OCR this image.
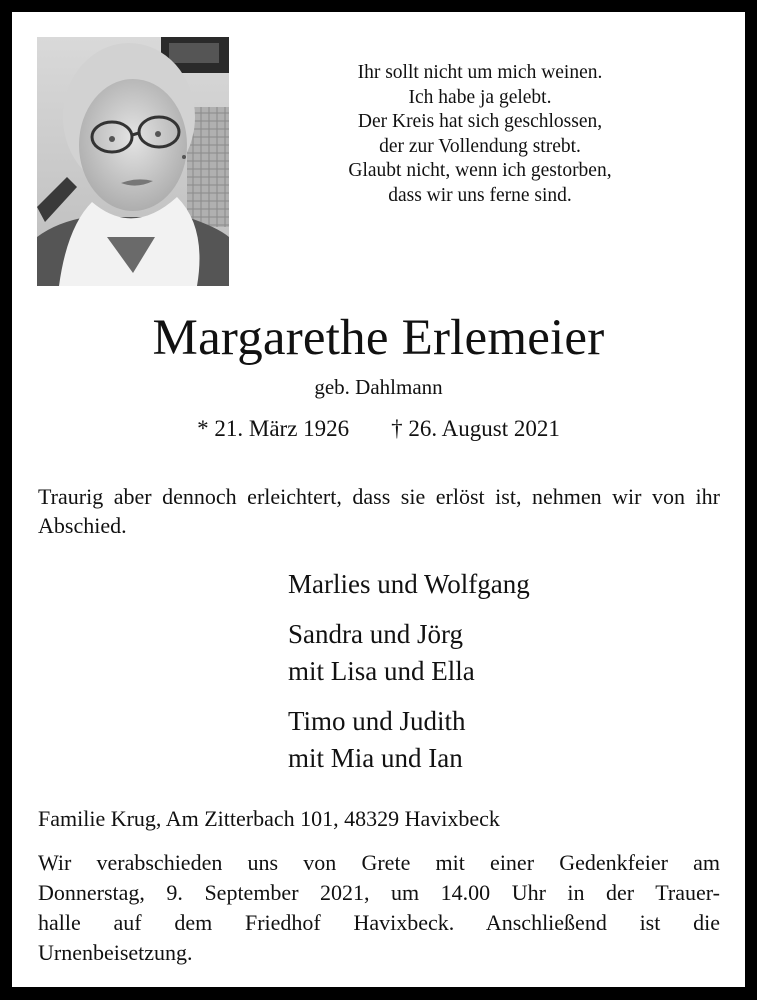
Ihr sollt nicht um mich weinen.
Ich habe ja gelebt.
Der Kreis hat sich geschlossen,
der zur Vollendung strebt.
Glaubt nicht, wenn ich gestorben,
dass wir uns ferne sind.
Margarethe Erlemeier
geb. Dahlmann
* 21. März 1926 † 26. August 2021
Traurig aber dennoch erleichtert, dass sie erlöst ist, nehmen wir von ihr Abschied.
Marlies und Wolfgang
Sandra und Jörg
mit Lisa und Ella
Timo und Judith
mit Mia und Ian
Familie Krug, Am Zitterbach 101, 48329 Havixbeck
Wir verabschieden uns von Grete mit einer Gedenkfeier am
Donnerstag, 9. September 2021, um 14.00 Uhr in der Trauer-
halle auf dem Friedhof Havixbeck. Anschließend ist die
Urnenbeisetzung.
